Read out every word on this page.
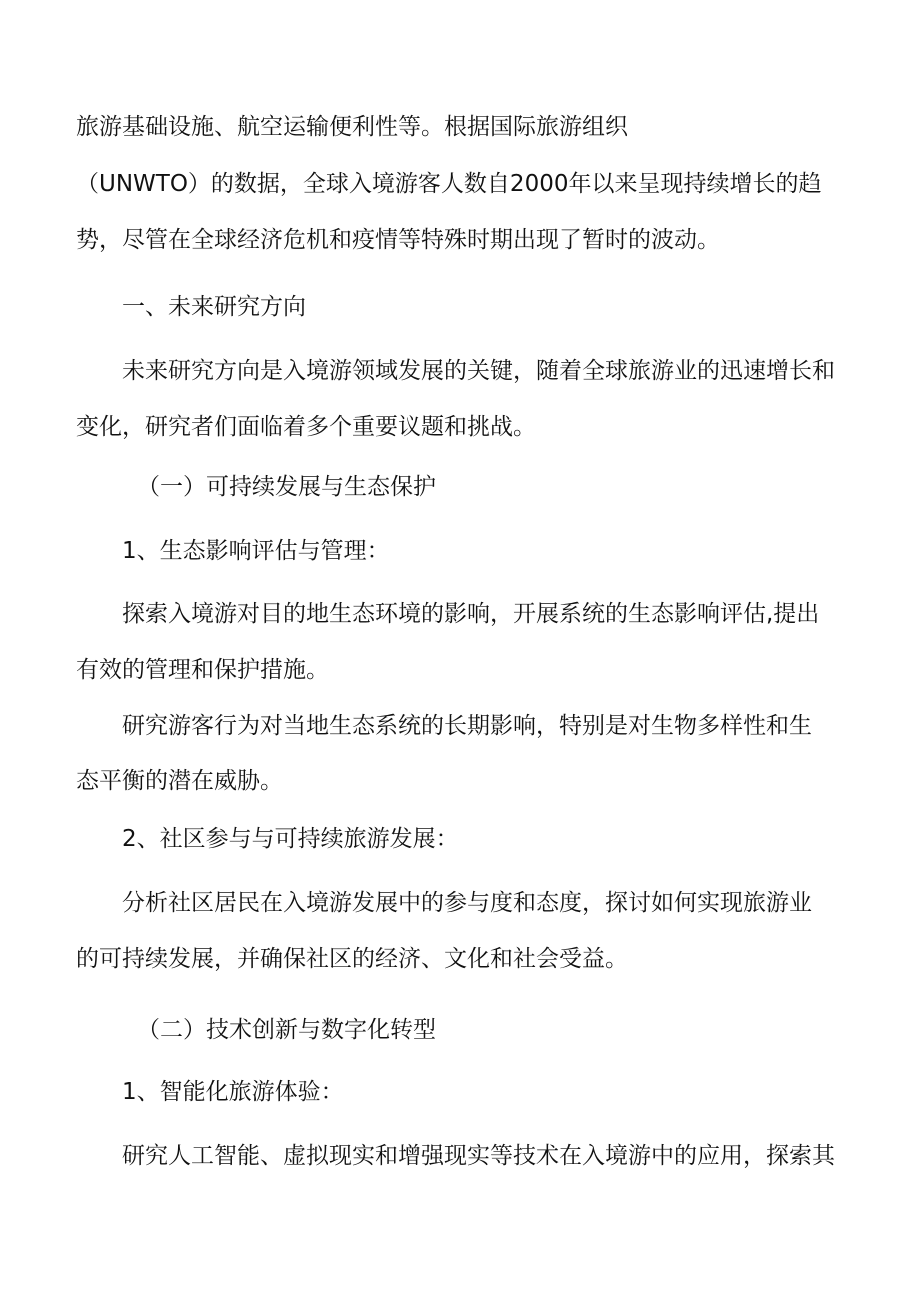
旅游基础设施、航空运输便利性等。根据国际旅游组织

（UNWTO）的数据，全球入境游客人数自2000年以来呈现持续增长的趋

势，尽管在全球经济危机和疫情等特殊时期出现了暂时的波动。

一、未来研究方向

未来研究方向是入境游领域发展的关键，随着全球旅游业的迅速增长和

变化，研究者们面临着多个重要议题和挑战。

（一）可持续发展与生态保护

1、生态影响评估与管理：

探索入境游对目的地生态环境的影响，开展系统的生态影响评估,提出

有效的管理和保护措施。

研究游客行为对当地生态系统的长期影响，特别是对生物多样性和生

态平衡的潜在威胁。

2、社区参与与可持续旅游发展：

分析社区居民在入境游发展中的参与度和态度，探讨如何实现旅游业

的可持续发展，并确保社区的经济、文化和社会受益。

（二）技术创新与数字化转型

1、智能化旅游体验：

研究人工智能、虚拟现实和增强现实等技术在入境游中的应用，探索其
